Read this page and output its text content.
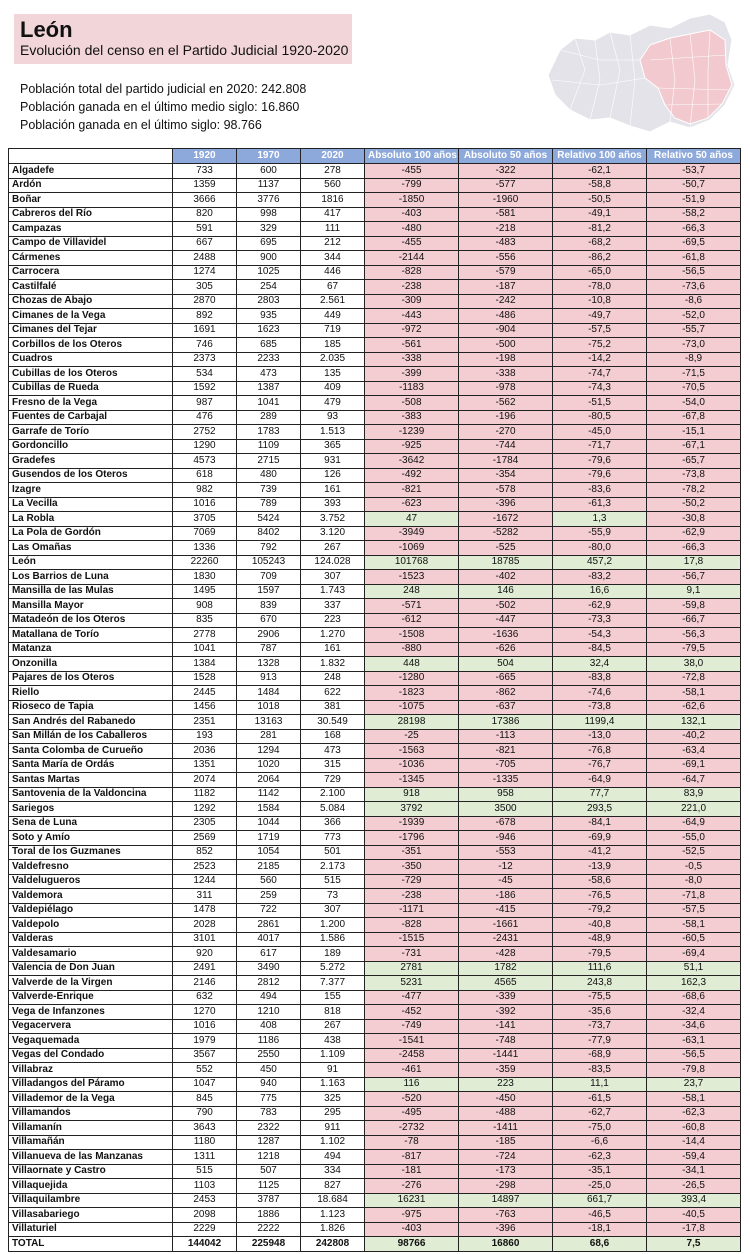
León
Evolución del censo en el Partido Judicial 1920-2020
Población total del partido judicial en 2020: 242.808
Población ganada en el último medio siglo: 16.860
Población ganada en el último siglo: 98.766
	1920	1970	2020	Absoluto 100 años	Absoluto 50 años	Relativo 100 años	Relativo 50 años
Algadefe	733	600	278	-455	-322	-62,1	-53,7
Ardón	1359	1137	560	-799	-577	-58,8	-50,7
Boñar	3666	3776	1816	-1850	-1960	-50,5	-51,9
Cabreros del Río	820	998	417	-403	-581	-49,1	-58,2
Campazas	591	329	111	-480	-218	-81,2	-66,3
Campo de Villavidel	667	695	212	-455	-483	-68,2	-69,5
Cármenes	2488	900	344	-2144	-556	-86,2	-61,8
Carrocera	1274	1025	446	-828	-579	-65,0	-56,5
Castilfalé	305	254	67	-238	-187	-78,0	-73,6
Chozas de Abajo	2870	2803	2.561	-309	-242	-10,8	-8,6
Cimanes de la Vega	892	935	449	-443	-486	-49,7	-52,0
Cimanes del Tejar	1691	1623	719	-972	-904	-57,5	-55,7
Corbillos de los Oteros	746	685	185	-561	-500	-75,2	-73,0
Cuadros	2373	2233	2.035	-338	-198	-14,2	-8,9
Cubillas de los Oteros	534	473	135	-399	-338	-74,7	-71,5
Cubillas de Rueda	1592	1387	409	-1183	-978	-74,3	-70,5
Fresno de la Vega	987	1041	479	-508	-562	-51,5	-54,0
Fuentes de Carbajal	476	289	93	-383	-196	-80,5	-67,8
Garrafe de Torío	2752	1783	1.513	-1239	-270	-45,0	-15,1
Gordoncillo	1290	1109	365	-925	-744	-71,7	-67,1
Gradefes	4573	2715	931	-3642	-1784	-79,6	-65,7
Gusendos de los Oteros	618	480	126	-492	-354	-79,6	-73,8
Izagre	982	739	161	-821	-578	-83,6	-78,2
La Vecilla	1016	789	393	-623	-396	-61,3	-50,2
La Robla	3705	5424	3.752	47	-1672	1,3	-30,8
La Pola de Gordón	7069	8402	3.120	-3949	-5282	-55,9	-62,9
Las Omañas	1336	792	267	-1069	-525	-80,0	-66,3
León	22260	105243	124.028	101768	18785	457,2	17,8
Los Barrios de Luna	1830	709	307	-1523	-402	-83,2	-56,7
Mansilla de las Mulas	1495	1597	1.743	248	146	16,6	9,1
Mansilla Mayor	908	839	337	-571	-502	-62,9	-59,8
Matadeón de los Oteros	835	670	223	-612	-447	-73,3	-66,7
Matallana de Torío	2778	2906	1.270	-1508	-1636	-54,3	-56,3
Matanza	1041	787	161	-880	-626	-84,5	-79,5
Onzonilla	1384	1328	1.832	448	504	32,4	38,0
Pajares de los Oteros	1528	913	248	-1280	-665	-83,8	-72,8
Riello	2445	1484	622	-1823	-862	-74,6	-58,1
Rioseco de Tapia	1456	1018	381	-1075	-637	-73,8	-62,6
San Andrés del Rabanedo	2351	13163	30.549	28198	17386	1199,4	132,1
San Millán de los Caballeros	193	281	168	-25	-113	-13,0	-40,2
Santa Colomba de Curueño	2036	1294	473	-1563	-821	-76,8	-63,4
Santa María de Ordás	1351	1020	315	-1036	-705	-76,7	-69,1
Santas Martas	2074	2064	729	-1345	-1335	-64,9	-64,7
Santovenia de la Valdoncina	1182	1142	2.100	918	958	77,7	83,9
Sariegos	1292	1584	5.084	3792	3500	293,5	221,0
Sena de Luna	2305	1044	366	-1939	-678	-84,1	-64,9
Soto y Amío	2569	1719	773	-1796	-946	-69,9	-55,0
Toral de los Guzmanes	852	1054	501	-351	-553	-41,2	-52,5
Valdefresno	2523	2185	2.173	-350	-12	-13,9	-0,5
Valdelugueros	1244	560	515	-729	-45	-58,6	-8,0
Valdemora	311	259	73	-238	-186	-76,5	-71,8
Valdepiélago	1478	722	307	-1171	-415	-79,2	-57,5
Valdepolo	2028	2861	1.200	-828	-1661	-40,8	-58,1
Valderas	3101	4017	1.586	-1515	-2431	-48,9	-60,5
Valdesamario	920	617	189	-731	-428	-79,5	-69,4
Valencia de Don Juan	2491	3490	5.272	2781	1782	111,6	51,1
Valverde de la Virgen	2146	2812	7.377	5231	4565	243,8	162,3
Valverde-Enrique	632	494	155	-477	-339	-75,5	-68,6
Vega de Infanzones	1270	1210	818	-452	-392	-35,6	-32,4
Vegacervera	1016	408	267	-749	-141	-73,7	-34,6
Vegaquemada	1979	1186	438	-1541	-748	-77,9	-63,1
Vegas del Condado	3567	2550	1.109	-2458	-1441	-68,9	-56,5
Villabraz	552	450	91	-461	-359	-83,5	-79,8
Villadangos del Páramo	1047	940	1.163	116	223	11,1	23,7
Villademor de la Vega	845	775	325	-520	-450	-61,5	-58,1
Villamandos	790	783	295	-495	-488	-62,7	-62,3
Villamanín	3643	2322	911	-2732	-1411	-75,0	-60,8
Villamañán	1180	1287	1.102	-78	-185	-6,6	-14,4
Villanueva de las Manzanas	1311	1218	494	-817	-724	-62,3	-59,4
Villaornate y Castro	515	507	334	-181	-173	-35,1	-34,1
Villaquejida	1103	1125	827	-276	-298	-25,0	-26,5
Villaquilambre	2453	3787	18.684	16231	14897	661,7	393,4
Villasabariego	2098	1886	1.123	-975	-763	-46,5	-40,5
Villaturiel	2229	2222	1.826	-403	-396	-18,1	-17,8
TOTAL	144042	225948	242808	98766	16860	68,6	7,5
